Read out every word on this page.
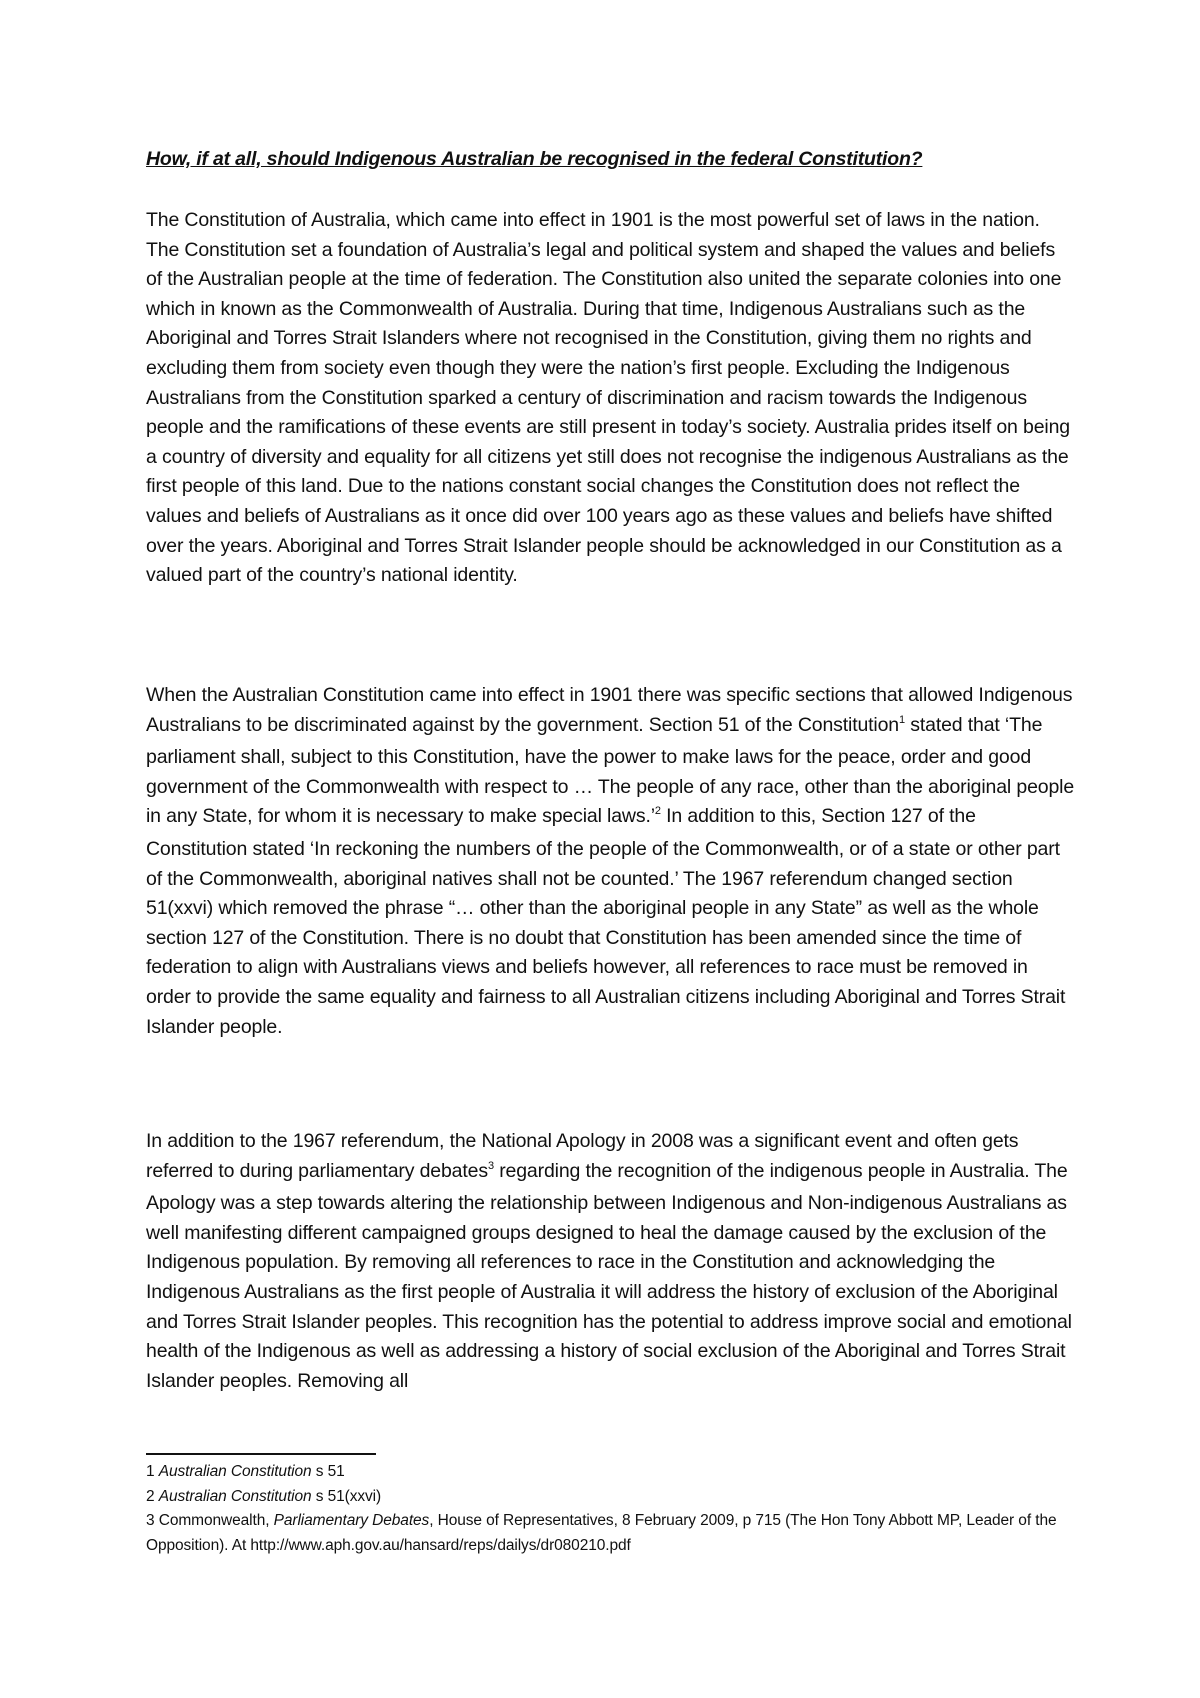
How, if at all, should Indigenous Australian be recognised in the federal Constitution?

The Constitution of Australia, which came into effect in 1901 is the most powerful set of laws in the nation. The Constitution set a foundation of Australia’s legal and political system and shaped the values and beliefs of the Australian people at the time of federation. The Constitution also united the separate colonies into one which in known as the Commonwealth of Australia. During that time, Indigenous Australians such as the Aboriginal and Torres Strait Islanders where not recognised in the Constitution, giving them no rights and excluding them from society even though they were the nation’s first people. Excluding the Indigenous Australians from the Constitution sparked a century of discrimination and racism towards the Indigenous people and the ramifications of these events are still present in today’s society. Australia prides itself on being a country of diversity and equality for all citizens yet still does not recognise the indigenous Australians as the first people of this land. Due to the nations constant social changes the Constitution does not reflect the values and beliefs of Australians as it once did over 100 years ago as these values and beliefs have shifted over the years. Aboriginal and Torres Strait Islander people should be acknowledged in our Constitution as a valued part of the country’s national identity.

When the Australian Constitution came into effect in 1901 there was specific sections that allowed Indigenous Australians to be discriminated against by the government. Section 51 of the Constitution$^1$ stated that ‘The parliament shall, subject to this Constitution, have the power to make laws for the peace, order and good government of the Commonwealth with respect to … The people of any race, other than the aboriginal people in any State, for whom it is necessary to make special laws.’$^2$ In addition to this, Section 127 of the Constitution stated ‘In reckoning the numbers of the people of the Commonwealth, or of a state or other part of the Commonwealth, aboriginal natives shall not be counted.’ The 1967 referendum changed section 51(xxvi) which removed the phrase “… other than the aboriginal people in any State” as well as the whole section 127 of the Constitution. There is no doubt that Constitution has been amended since the time of federation to align with Australians views and beliefs however, all references to race must be removed in order to provide the same equality and fairness to all Australian citizens including Aboriginal and Torres Strait Islander people.

In addition to the 1967 referendum, the National Apology in 2008 was a significant event and often gets referred to during parliamentary debates$^3$ regarding the recognition of the indigenous people in Australia. The Apology was a step towards altering the relationship between Indigenous and Non-indigenous Australians as well manifesting different campaigned groups designed to heal the damage caused by the exclusion of the Indigenous population. By removing all references to race in the Constitution and acknowledging the Indigenous Australians as the first people of Australia it will address the history of exclusion of the Aboriginal and Torres Strait Islander peoples. This recognition has the potential to address improve social and emotional health of the Indigenous as well as addressing a history of social exclusion of the Aboriginal and Torres Strait Islander peoples. Removing all

1 Australian Constitution s 51

2 Australian Constitution s 51(xxvi)

3 Commonwealth, Parliamentary Debates, House of Representatives, 8 February 2009, p 715 (The Hon Tony Abbott MP, Leader of the Opposition). At http://www.aph.gov.au/hansard/reps/dailys/dr080210.pdf
